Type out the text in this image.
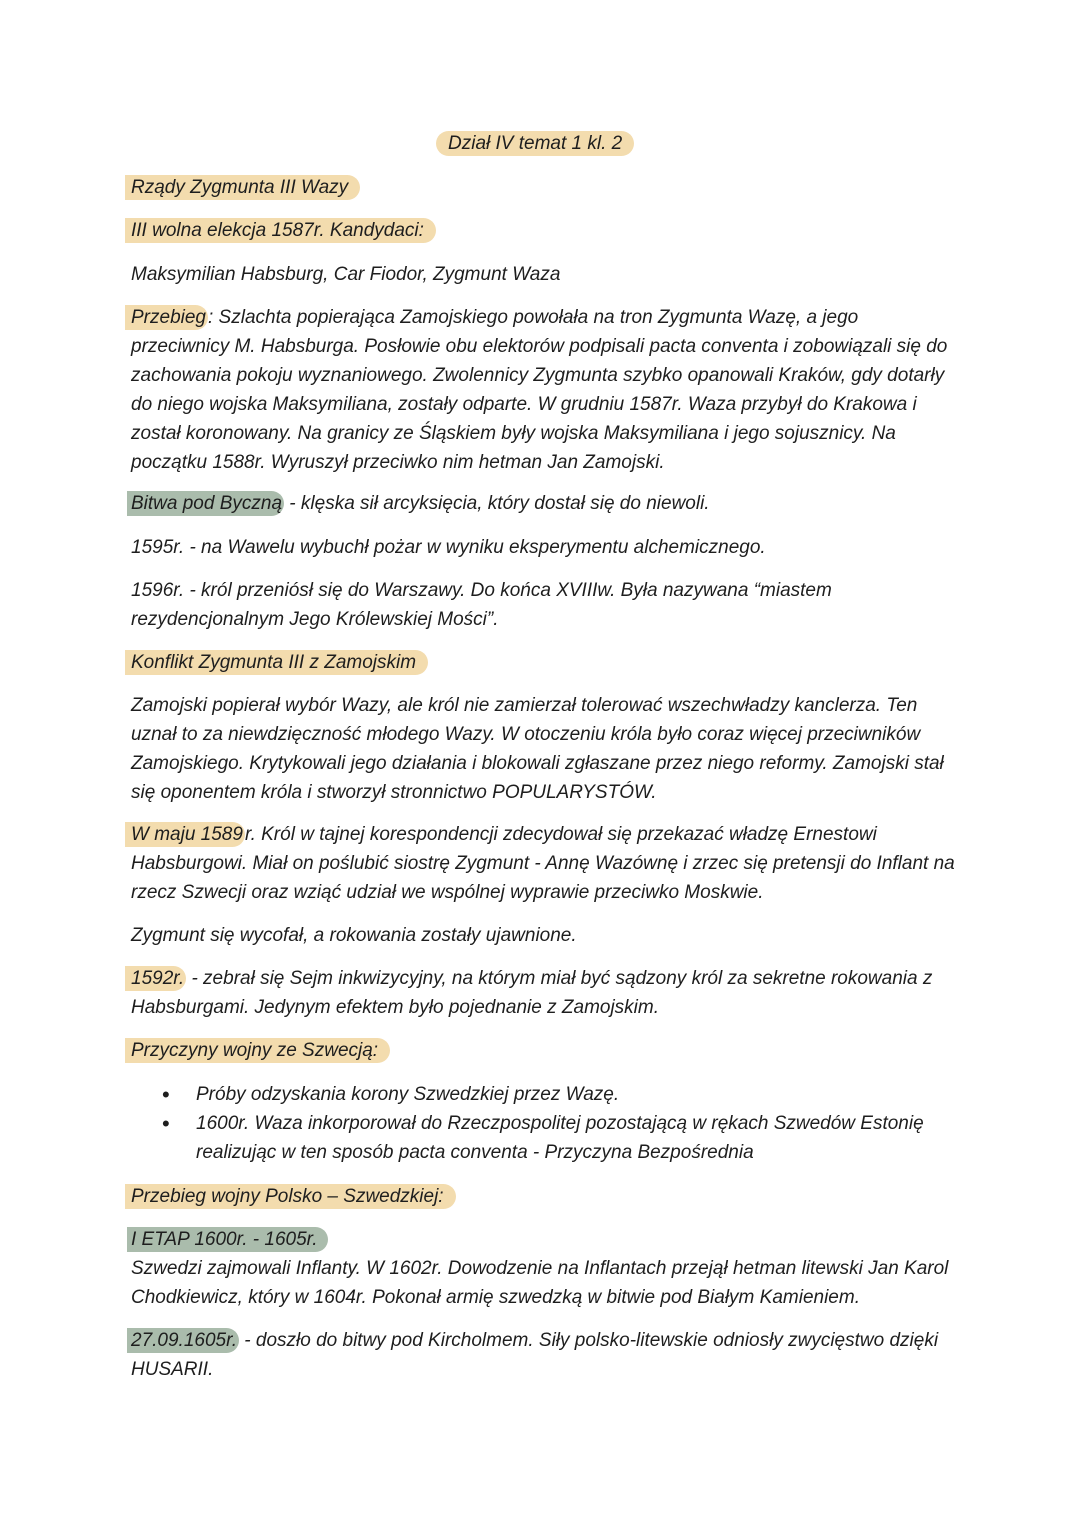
Dział IV temat 1 kl. 2
Rządy Zygmunta III Wazy
III wolna elekcja 1587r. Kandydaci:
Maksymilian Habsburg, Car Fiodor, Zygmunt Waza
Przebieg : Szlachta popierająca Zamojskiego powołała na tron Zygmunta Wazę, a jego przeciwnicy M. Habsburga. Posłowie obu elektorów podpisali pacta conventa i zobowiązali się do zachowania pokoju wyznaniowego. Zwolennicy Zygmunta szybko opanowali Kraków, gdy dotarły do niego wojska Maksymiliana, zostały odparte. W grudniu 1587r. Waza przybył do Krakowa i został koronowany. Na granicy ze Śląskiem były wojska Maksymiliana i jego sojusznicy. Na początku 1588r. Wyruszył przeciwko nim hetman Jan Zamojski.
Bitwa pod Byczną - klęska sił arcyksięcia, który dostał się do niewoli.
1595r. - na Wawelu wybuchł pożar w wyniku eksperymentu alchemicznego.
1596r. - król przeniósł się do Warszawy. Do końca XVIIIw. Była nazywana “miastem rezydencjonalnym Jego Królewskiej Mości”.
Konflikt Zygmunta III z Zamojskim
Zamojski popierał wybór Wazy, ale król nie zamierzał tolerować wszechwładzy kanclerza. Ten uznał to za niewdzięczność młodego Wazy. W otoczeniu króla było coraz więcej przeciwników Zamojskiego. Krytykowali jego działania i blokowali zgłaszane przez niego reformy. Zamojski stał się oponentem króla i stworzył stronnictwo POPULARYSTÓW.
W maju 1589 r. Król w tajnej korespondencji zdecydował się przekazać władzę Ernestowi Habsburgowi. Miał on poślubić siostrę Zygmunt - Annę Wazównę i zrzec się pretensji do Inflant na rzecz Szwecji oraz wziąć udział we wspólnej wyprawie przeciwko Moskwie.
Zygmunt się wycofał, a rokowania zostały ujawnione.
1592r. - zebrał się Sejm inkwizycyjny, na którym miał być sądzony król za sekretne rokowania z Habsburgami. Jedynym efektem było pojednanie z Zamojskim.
Przyczyny wojny ze Szwecją:
• Próby odzyskania korony Szwedzkiej przez Wazę.
• 1600r. Waza inkorporował do Rzeczpospolitej pozostającą w rękach Szwedów Estonię realizując w ten sposób pacta conventa - Przyczyna Bezpośrednia
Przebieg wojny Polsko – Szwedzkiej:
I ETAP 1600r. - 1605r.
Szwedzi zajmowali Inflanty. W 1602r. Dowodzenie na Inflantach przejął hetman litewski Jan Karol Chodkiewicz, który w 1604r. Pokonał armię szwedzką w bitwie pod Białym Kamieniem.
27.09.1605r. - doszło do bitwy pod Kircholmem. Siły polsko-litewskie odniosły zwycięstwo dzięki HUSARII.
